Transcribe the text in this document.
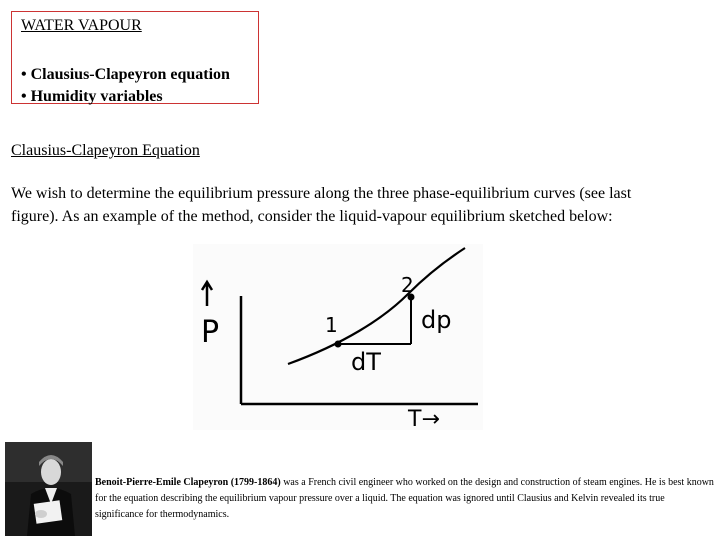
WATER VAPOUR
• Clausius-Clapeyron equation
• Humidity variables
Clausius-Clapeyron Equation
We wish to determine the equilibrium pressure along the three phase-equilibrium curves (see last figure). As an example of the method, consider the liquid-vapour equilibrium sketched below:
P	1
2
dT
dp
T→
Benoit-Pierre-Emile Clapeyron (1799-1864) was a French civil engineer who worked on the design and construction of steam engines. He is best known for the equation describing the equilibrium vapour pressure over a liquid. The equation was ignored until Clausius and Kelvin revealed its true significance for thermodynamics.
